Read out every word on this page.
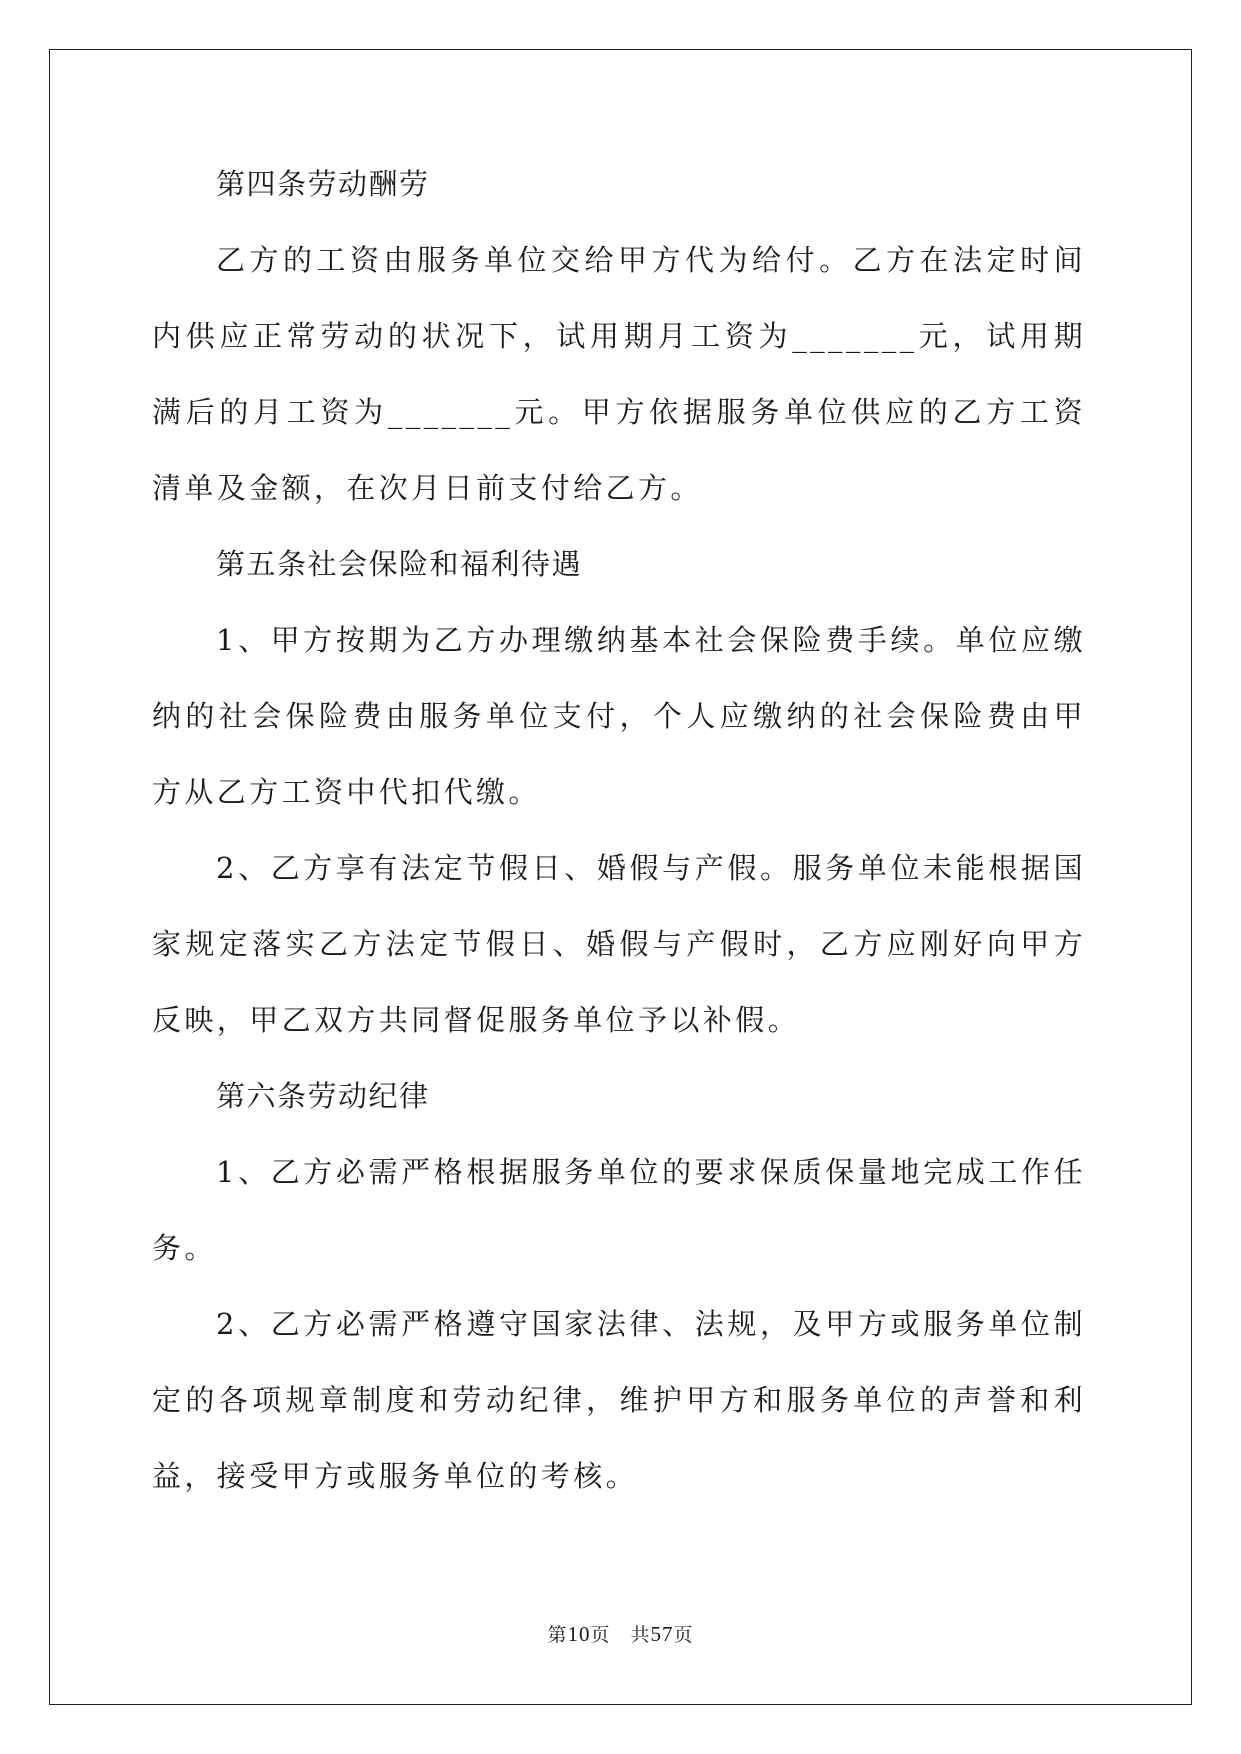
第四条劳动酬劳

乙方的工资由服务单位交给甲方代为给付。乙方在法定时间内供应正常劳动的状况下，试用期月工资为_______元，试用期满后的月工资为_______元。甲方依据服务单位供应的乙方工资清单及金额，在次月日前支付给乙方。

第五条社会保险和福利待遇

1、甲方按期为乙方办理缴纳基本社会保险费手续。单位应缴纳的社会保险费由服务单位支付，个人应缴纳的社会保险费由甲方从乙方工资中代扣代缴。

2、乙方享有法定节假日、婚假与产假。服务单位未能根据国家规定落实乙方法定节假日、婚假与产假时，乙方应刚好向甲方反映，甲乙双方共同督促服务单位予以补假。

第六条劳动纪律

1、乙方必需严格根据服务单位的要求保质保量地完成工作任务。

2、乙方必需严格遵守国家法律、法规，及甲方或服务单位制定的各项规章制度和劳动纪律，维护甲方和服务单位的声誉和利益，接受甲方或服务单位的考核。

第10页　共57页
